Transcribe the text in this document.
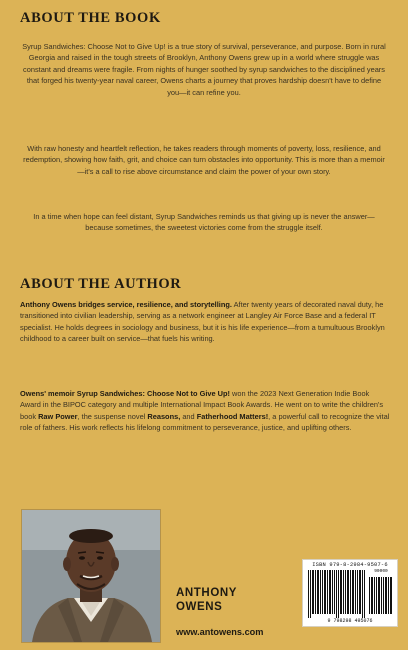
ABOUT THE BOOK

Syrup Sandwiches: Choose Not to Give Up! is a true story of survival, perseverance, and purpose. Born in rural Georgia and raised in the tough streets of Brooklyn, Anthony Owens grew up in a world where struggle was constant and dreams were fragile. From nights of hunger soothed by syrup sandwiches to the disciplined years that forged his twenty-year naval career, Owens charts a journey that proves hardship doesn't have to define you—it can refine you.

With raw honesty and heartfelt reflection, he takes readers through moments of poverty, loss, resilience, and redemption, showing how faith, grit, and choice can turn obstacles into opportunity. This is more than a memoir—it's a call to rise above circumstance and claim the power of your own story.

In a time when hope can feel distant, Syrup Sandwiches reminds us that giving up is never the answer—because sometimes, the sweetest victories come from the struggle itself.

ABOUT THE AUTHOR

Anthony Owens bridges service, resilience, and storytelling. After twenty years of decorated naval duty, he transitioned into civilian leadership, serving as a network engineer at Langley Air Force Base and a federal IT specialist. He holds degrees in sociology and business, but it is his life experience—from a tumultuous Brooklyn childhood to a career built on service—that fuels his writing.

Owens' memoir Syrup Sandwiches: Choose Not to Give Up! won the 2023 Next Generation Indie Book Award in the BIPOC category and multiple International Impact Book Awards. He went on to write the children's book Raw Power, the suspense novel Reasons, and Fatherhood Matters!, a powerful call to recognize the vital role of fathers. His work reflects his lifelong commitment to perseverance, justice, and uplifting others.

ANTHONY
OWENS

www.antowens.com

ISBN 979-8-2984-9507-6
90000
9 798298 495076
